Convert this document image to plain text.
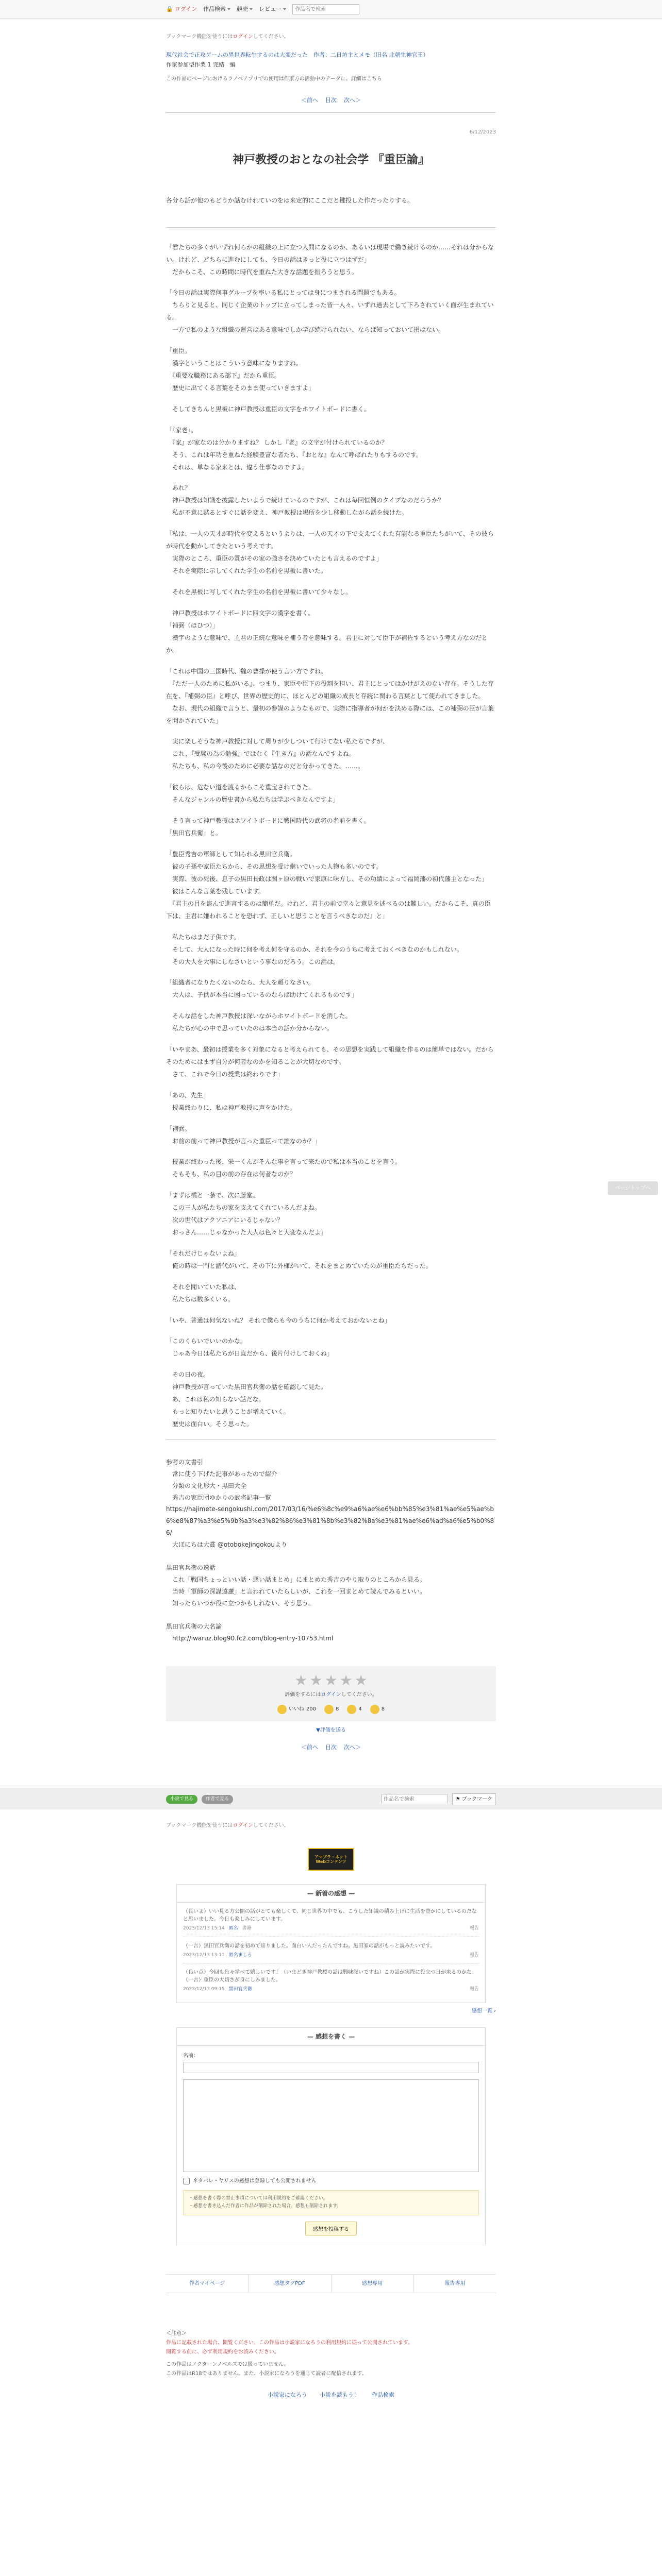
🔒 ログイン 作品検索 競売 レビュー
作品名で検索
ブックマーク機能を使うにはログインしてください。
現代社会で正攻ゲームの異世界転生するのは大変だった　 作者：二日坊主とメモ（旧名 北朝生神官王）
作家参加型作業 1 完結　編
この作品のページにおけるラノベアプリでの使用は作家方の活動中のデータに、詳細はこちら
＜前へ 目次 次へ＞
6/12/2023
神戸教授のおとなの社会学 『重臣論』
各分ら話が他のもどうか話むけれていのをは来定的にここだと鍵投した作だったりする。

「君たちの多くがいずれ何らかの組織の上に立つ人間になるのか、あるいは現場で働き続けるのか……それは分からない。けれど、どちらに進むにしても、今日の話はきっと役に立つはずだ」
　だからこそ、この時間に時代を重ねた大きな話題を振ろうと思う。

「今日の話は実際何事グループを率いる私にとっては身につまされる問題でもある。
　ちらりと見ると、同じく企業のトップに立ってしまった皆一人々、いずれ過去として下ろされていく面が生まれている。
　一方で私のような組織の運営はある意味でしか学び続けられない、ならば知っておいて損はない。

「重臣。
　漢字ということはこういう意味になりますね。
　『重要な職務にある部下』だから重臣。
　歴史に出てくる言葉をそのまま使っていきますよ」

　そしてきちんと黒板に神戸教授は重臣の文字をホワイトボードに書く。

「『家老』。
　『家』が家なのは分かりますね？ しかし『老』の文字が付けられているのか？
　そう、これは年功を重ねた経験豊富な者たち、『おとな』なんて呼ばれたりもするのです。
　それは、単なる家来とは、違う仕事なのですよ。

　あれ？
　神戸教授は知識を披露したいようで続けているのですが、これは毎回恒例のタイプなのだろうか？
　私が不意に黙るとすぐに話を変え、神戸教授は場所を少し移動しながら話を続けた。

「私は、一人の天才が時代を変えるというよりは、一人の天才の下で支えてくれた有能なる重臣たちがいて、その彼らが時代を動かしてきたという考えです。
　実際のところ、重臣の質がその家の強さを決めていたとも言えるのですよ」
　それを実際に示してくれた学生の名前を黒板に書いた。

　それを黒板に写してくれた学生の名前を黒板に書いて少々なし。

　神戸教授はホワイトボードに四文字の漢字を書く。
「補弼（ほひつ）」
　漢字のような意味で、主君の正統な意味を補う者を意味する。君主に対して臣下が補佐するという考え方なのだとか。

「これは中国の三国時代、魏の曹操が使う言い方ですね。
　『ただ一人のために私がいる』、つまり、家臣や臣下の役割を担い、君主にとってはかけがえのない存在。そうした存在を、『補弼の臣』と呼び、世界の歴史的に、ほとんどの組織の成長と存続に関わる言葉として使われてきました。
　なお、現代の組織で言うと、最初の参謀のようなもので、実際に指導者が何かを決める際には、この補弼の臣が言葉を聞かされていた」

　実に楽しそうな神戸教授に対して周りが少しついて行けてない私たちですが、
　これ、『受験の為の勉強』ではなく『生き方』の話なんですよね。
　私たちも、私の今後のために必要な話なのだと分かってきた。……。

「彼らは、危ない道を渡るからこそ重宝されてきた。
　そんなジャンルの歴史書から私たちは学ぶべきなんですよ」

　そう言って神戸教授はホワイトボードに戦国時代の武将の名前を書く。
「黒田官兵衛」と。

「豊臣秀吉の軍師として知られる黒田官兵衛。
　彼の子孫や家臣たちから、その思想を受け継いでいった人物も多いのです。
　実際、彼の死後、息子の黒田長政は関ヶ原の戦いで家康に味方し、その功績によって福岡藩の初代藩主となった」
　彼はこんな言葉を残しています。
　『君主の目を盗んで進言するのは簡単だ。けれど、君主の前で堂々と意見を述べるのは難しい。だからこそ、真の臣下は、主君に嫌われることを恐れず、正しいと思うことを言うべきなのだ』と」

　私たちはまだ子供です。
　そして、大人になった時に何を考え何を守るのか、それを今のうちに考えておくべきなのかもしれない。
　その大人を大事にしなさいという事なのだろう。この話は。

「組織者になりたくないのなら、大人を頼りなさい。
　大人は、子供が本当に困っているのならば助けてくれるものです」

　そんな話をした神戸教授は深いながらホワイトボードを消した。
　私たちが心の中で思っていたのは本当の話か分からない。

「いやまあ、最初は授業を多く対象になると考えられても、その思想を実践して組織を作るのは簡単ではない。だからそのためにはまず自分が何者なのかを知ることが大切なのです。
　さて、これで今日の授業は終わりです」

「あの、先生」
　授業終わりに、私は神戸教授に声をかけた。

「補弼。
　お前の前って神戸教授が言った重臣って誰なのか？」

　授業が終わった後、栄一くんがそんな事を言って来たので私は本当のことを言う。
　そもそも、私の目の前の存在は何者なのか？

「まずは橘と一条で、次に藤堂。
　この三人が私たちの家を支えてくれているんだよね。
　次の世代はアクソニアにいるじゃない？
　おっさん……じゃなかった大人は色々と大変なんだよ」

「それだけじゃないよね」
　俺の時は一門と譜代がいて、その下に外様がいて、それをまとめていたのが重臣たちだった。

　それを聞いていた私は、
　私たちは数多くいる。

「いや、普通は何気ないね？ それで僕らも今のうちに何か考えておかないとね」

「このくらいでいいのかな。
　じゃあ今日は私たちが日直だから、後片付けしておくね」

　その日の夜。
　神戸教授が言っていた黒田官兵衛の話を確認して見た。
　あ、これは私の知らない話だな。
　もっと知りたいと思うことが増えていく。
　歴史は面白い。そう思った。

参考の文書引
　常に使う下げた記事があったので紹介
　分類の文化形大・黒田大全
　秀吉の家臣団ゆかりの武将記事一覧
https://hajimete-sengokushi.com/2017/03/16/%e6%8c%e9%a6%ae%e6%bb%85%e3%81%ae%e5%ae%b6%e8%87%a3%e5%9b%a3%e3%82%86%e3%81%8b%e3%82%8a%e3%81%ae%e6%ad%a6%e5%b0%86/
　大ぼにちは大賞 @otobokeJingokouより

黒田官兵衛の逸話
　これ「戦国ちょっといい話・悪い話まとめ」にまとめた秀吉のやり取りのところから見る。
　当時「軍師の深謀遠慮」と言われていたらしいが、これを一回まとめて読んでみるといい。
　知ったらいつか役に立つかもしれない、そう思う。

黒田官兵衛の大名論
　http://iwaruz.blog90.fc2.com/blog-entry-10753.html
★ ★ ★ ★ ★
評価をするにはログインしてください。
いいね 200	8	4	8
▼評価を送る
＜前へ 目次 次へ＞
ページトップへ
小説で見る	作者で見る
作品名で検索	⚑ ブックマーク
ブックマーク機能を使うにはログインしてください。
アマプラ・ネット
Webコンテンツ
— 新着の感想 —
（長いよ）いい見る方公開の話がとても楽しくて、同じ世界の中でも、こうした知識の積み上げに生活を豊かにしているのだなと思いました。今日も楽しみにしています。
2023/12/13 15:14 匿名 書籍	報告
（一言）黒田官兵衛の話を初めて知りました。面白い人だったんですね。黒田家の話がもっと読みたいです。
2023/12/13 13:11 匿名ましろ	報告
（良い点）今回も色々学べて嬉しいです！（いまどき神戸教授の話は興味深いですね）この話が実際に役立つ日が来るのかな。
（一言）重臣の大切さが身にしみました。
2023/12/13 09:15 黒田官兵衛	報告
感想一覧 ›
— 感想を書く —
名前：
ネタバレ・ヤリスの感想は登録しても公開されません
・感想を書く際の禁止事項については利用規約をご確認ください。
・感想を書き込んだ作者に作品が削除された場合、感想も削除されます。
感想を投稿する
作者マイページ	感想タグPDF	感想専用	報告専用
＜注意＞
作品に記載された場合、閲覧ください。この作品は小説家になろうの利用規約に従って公開されています。
閲覧する前に、必ず利用規約をお読みください。
この作品はノクターンノベルズでは扱っていません。
この作品はR18ではありません。また、小説家になろうを通じて読者に配信されます。
小説家になろう 小説を読もう！ 作品検索
